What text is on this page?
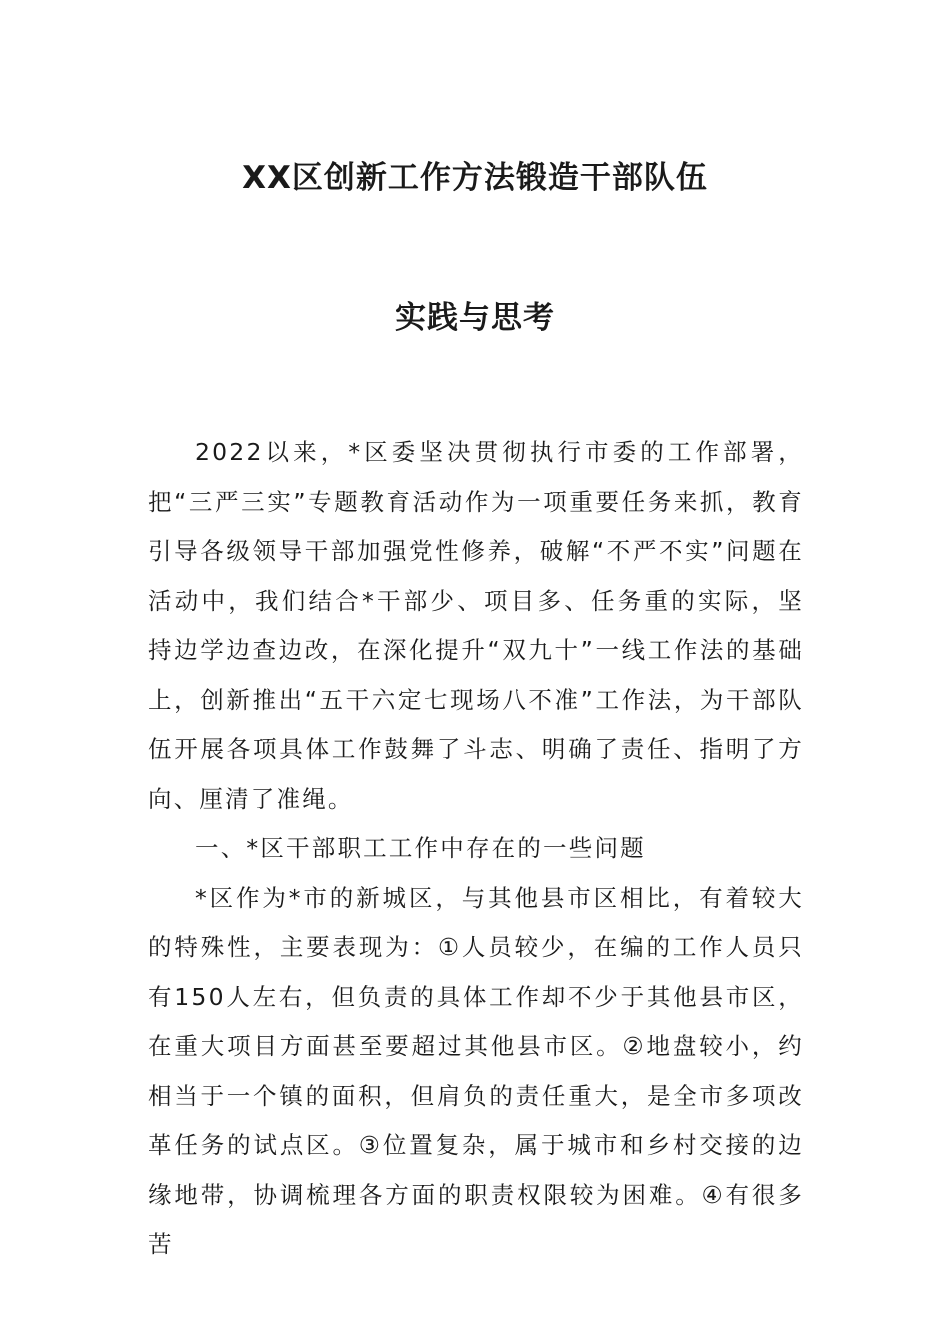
XX区创新工作方法锻造干部队伍
实践与思考

2022以来，*区委坚决贯彻执行市委的工作部署，把“三严三实”专题教育活动作为一项重要任务来抓，教育引导各级领导干部加强党性修养，破解“不严不实”问题在活动中，我们结合*干部少、项目多、任务重的实际，坚持边学边查边改，在深化提升“双九十”一线工作法的基础上，创新推出“五干六定七现场八不准”工作法，为干部队伍开展各项具体工作鼓舞了斗志、明确了责任、指明了方向、厘清了准绳。

一、*区干部职工工作中存在的一些问题

*区作为*市的新城区，与其他县市区相比，有着较大的特殊性，主要表现为：①人员较少，在编的工作人员只有150人左右，但负责的具体工作却不少于其他县市区，在重大项目方面甚至要超过其他县市区。②地盘较小，约相当于一个镇的面积，但肩负的责任重大，是全市多项改革任务的试点区。③位置复杂，属于城市和乡村交接的边缘地带，协调梳理各方面的职责权限较为困难。④有很多苦
